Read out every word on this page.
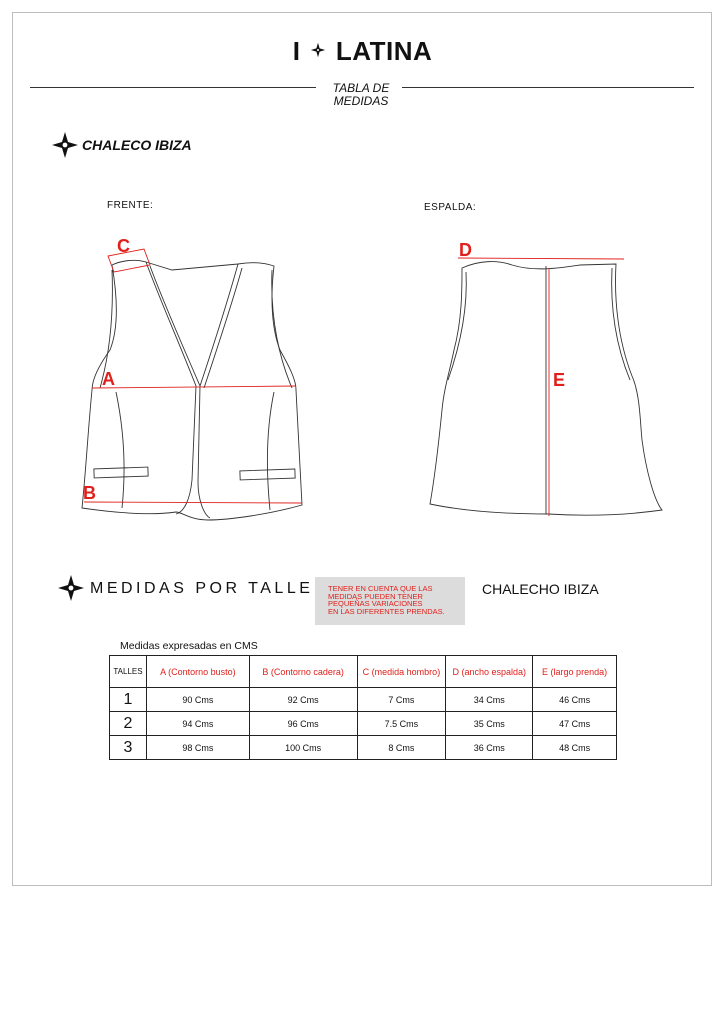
I LATINA
TABLA DE
MEDIDAS
CHALECO IBIZA
FRENTE:	ESPALDA:
C
A
B
D
E
MEDIDAS POR TALLE TENER EN CUENTA QUE LAS
MEDIDAS PUEDEN TENER
PEQUEÑAS VARIACIONES
EN LAS DIFERENTES PRENDAS.
CHALECHO IBIZA
Medidas expresadas en CMS
TALLES	A (Contorno busto)	B (Contorno cadera)	C (medida hombro)	D (ancho espalda)	E (largo prenda)
1	90 Cms	92 Cms	7 Cms	34 Cms	46 Cms
2	94 Cms	96 Cms	7.5 Cms	35 Cms	47 Cms
3	98 Cms	100 Cms	8 Cms	36 Cms	48 Cms
